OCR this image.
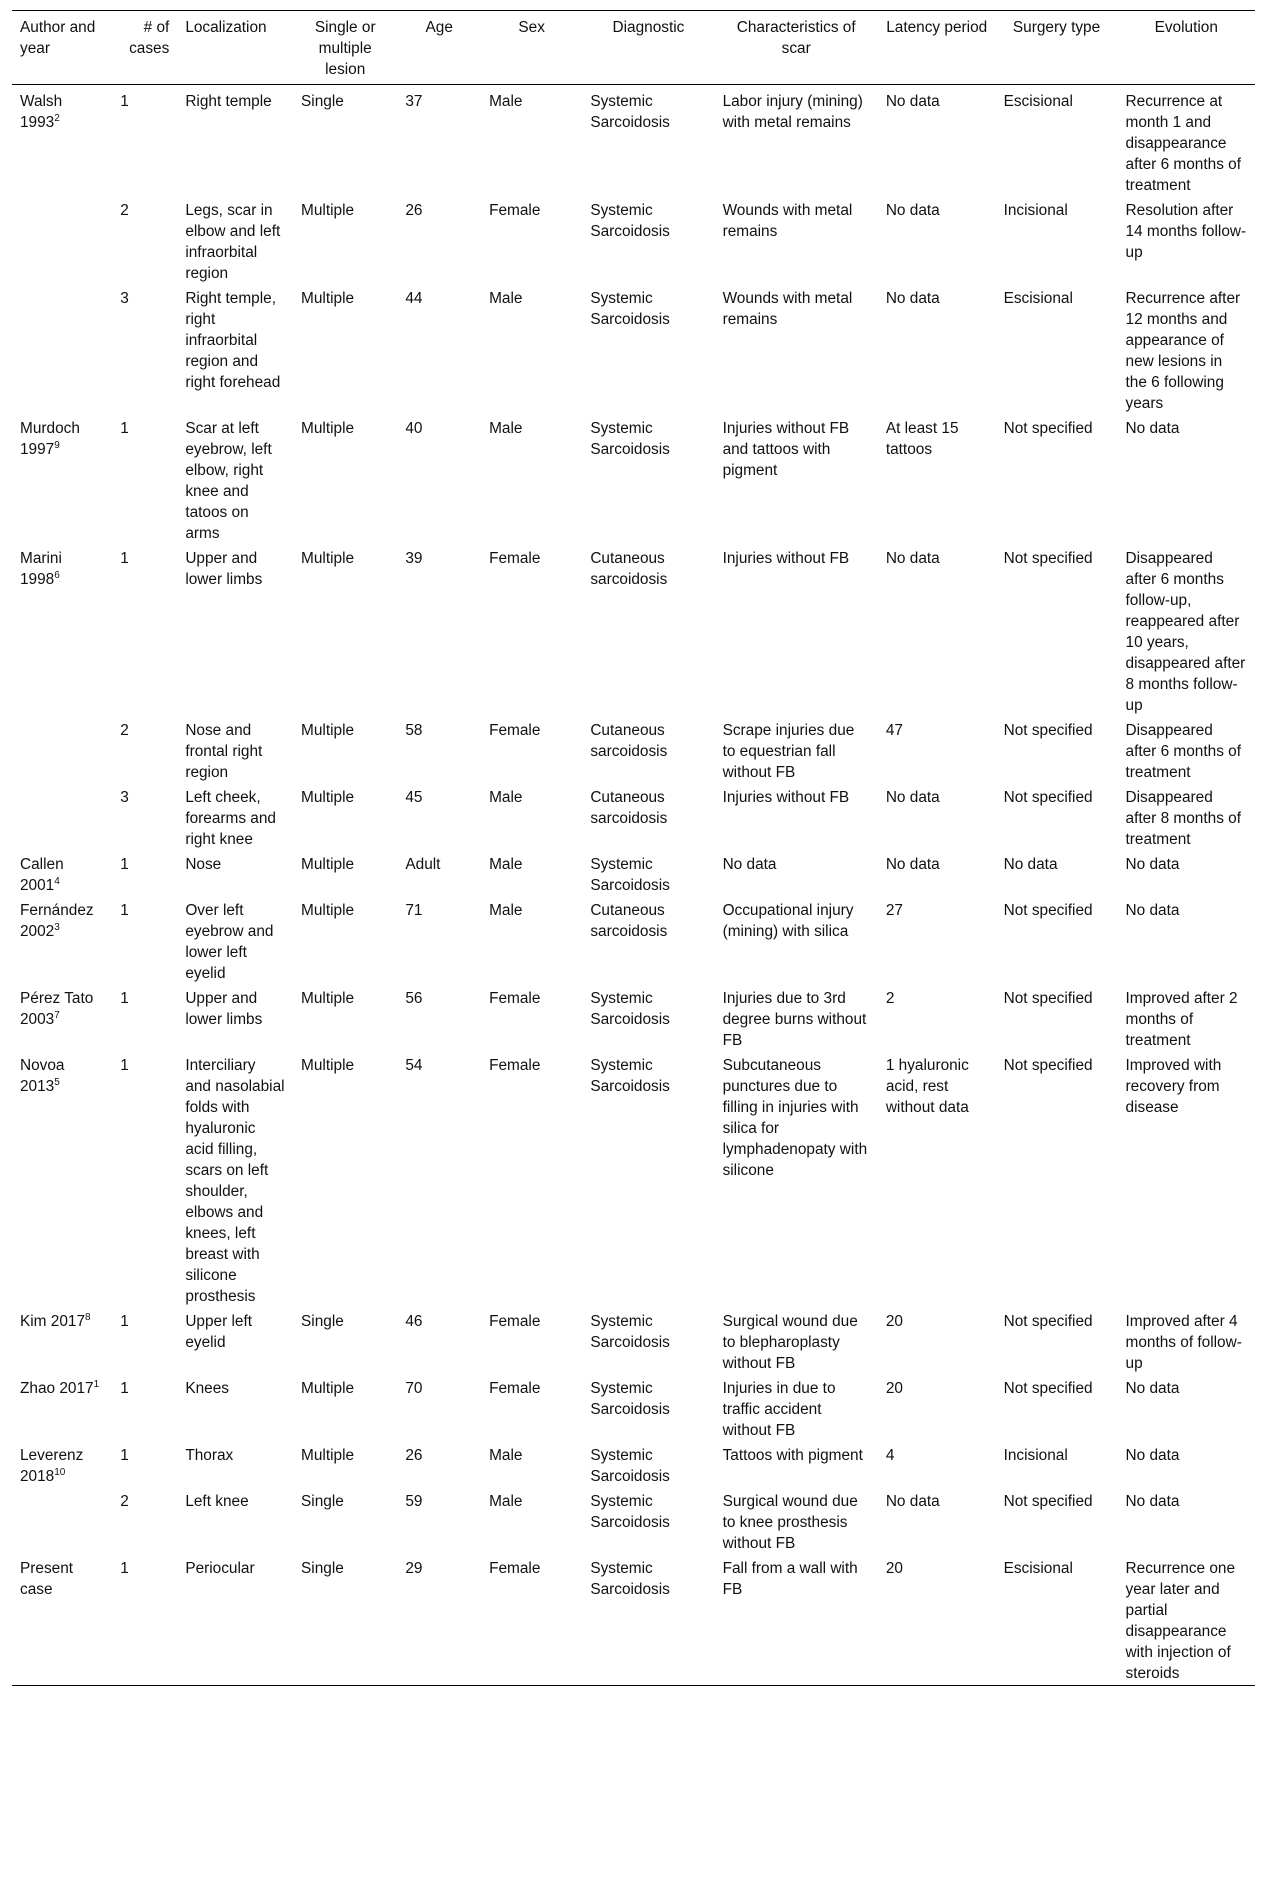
Author and year	# of cases	Localization	Single or multiple lesion	Age	Sex	Diagnostic	Characteristics of scar	Latency period	Surgery type	Evolution
Walsh 1993$^2$	1	Right temple	Single	37	Male	Systemic Sarcoidosis	Labor injury (mining) with metal remains	No data	Escisional	Recurrence at month 1 and disappearance after 6 months of treatment
	2	Legs, scar in elbow and left infraorbital region	Multiple	26	Female	Systemic Sarcoidosis	Wounds with metal remains	No data	Incisional	Resolution after 14 months follow-up
	3	Right temple, right infraorbital region and right forehead	Multiple	44	Male	Systemic Sarcoidosis	Wounds with metal remains	No data	Escisional	Recurrence after 12 months and appearance of new lesions in the 6 following years
Murdoch 1997$^9$	1	Scar at left eyebrow, left elbow, right knee and tatoos on arms	Multiple	40	Male	Systemic Sarcoidosis	Injuries without FB and tattoos with pigment	At least 15 tattoos	Not specified	No data
Marini 1998$^6$	1	Upper and lower limbs	Multiple	39	Female	Cutaneous sarcoidosis	Injuries without FB	No data	Not specified	Disappeared after 6 months follow-up, reappeared after 10 years, disappeared after 8 months follow-up
	2	Nose and frontal right region	Multiple	58	Female	Cutaneous sarcoidosis	Scrape injuries due to equestrian fall without FB	47	Not specified	Disappeared after 6 months of treatment
	3	Left cheek, forearms and right knee	Multiple	45	Male	Cutaneous sarcoidosis	Injuries without FB	No data	Not specified	Disappeared after 8 months of treatment
Callen 2001$^4$	1	Nose	Multiple	Adult	Male	Systemic Sarcoidosis	No data	No data	No data	No data
Fernández 2002$^3$	1	Over left eyebrow and lower left eyelid	Multiple	71	Male	Cutaneous sarcoidosis	Occupational injury (mining) with silica	27	Not specified	No data
Pérez Tato 2003$^7$	1	Upper and lower limbs	Multiple	56	Female	Systemic Sarcoidosis	Injuries due to 3rd degree burns without FB	2	Not specified	Improved after 2 months of treatment
Novoa 2013$^5$	1	Interciliary and nasolabial folds with hyaluronic acid filling, scars on left shoulder, elbows and knees, left breast with silicone prosthesis	Multiple	54	Female	Systemic Sarcoidosis	Subcutaneous punctures due to filling in injuries with silica for lymphadenopaty with silicone	1 hyaluronic acid, rest without data	Not specified	Improved with recovery from disease
Kim 2017$^8$	1	Upper left eyelid	Single	46	Female	Systemic Sarcoidosis	Surgical wound due to blepharoplasty without FB	20	Not specified	Improved after 4 months of follow-up
Zhao 2017$^1$	1	Knees	Multiple	70	Female	Systemic Sarcoidosis	Injuries in due to traffic accident without FB	20	Not specified	No data
Leverenz 2018$^{10}$	1	Thorax	Multiple	26	Male	Systemic Sarcoidosis	Tattoos with pigment	4	Incisional	No data
	2	Left knee	Single	59	Male	Systemic Sarcoidosis	Surgical wound due to knee prosthesis without FB	No data	Not specified	No data
Present case	1	Periocular	Single	29	Female	Systemic Sarcoidosis	Fall from a wall with FB	20	Escisional	Recurrence one year later and partial disappearance with injection of steroids
